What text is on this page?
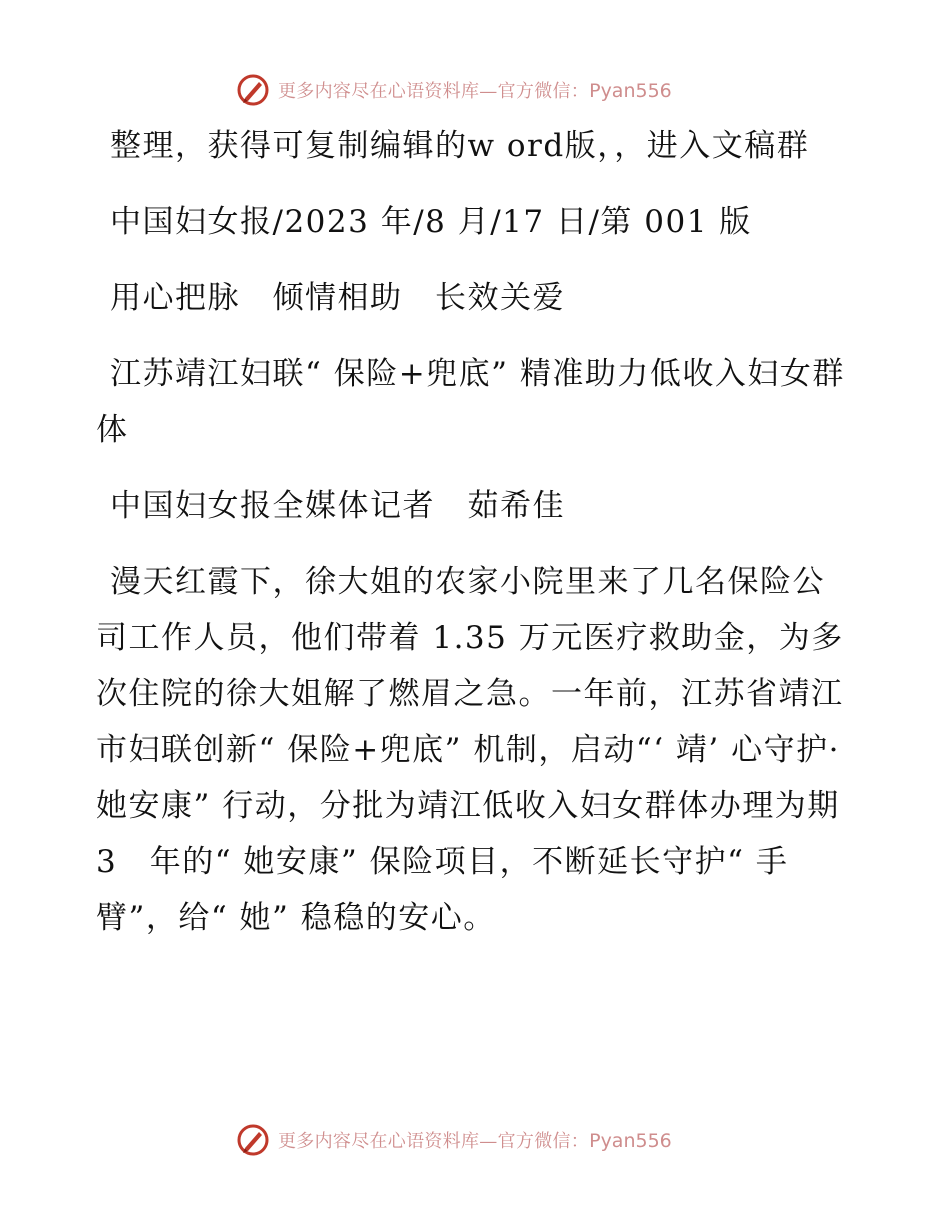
更多内容尽在心语资料库—官方微信：Pyan556

整理，获得可复制编辑的w ord版，，进入文稿群

中国妇女报/2023 年/8 月/17 日/第 001 版

用心把脉　倾情相助　长效关爱

江苏靖江妇联“ 保险+兜底” 精准助力低收入妇女群体

中国妇女报全媒体记者　茹希佳

漫天红霞下，徐大姐的农家小院里来了几名保险公司工作人员，他们带着 1.35 万元医疗救助金，为多次住院的徐大姐解了燃眉之急。一年前，江苏省靖江市妇联创新“ 保险+兜底” 机制，启动“‘ 靖’ 心守护· 她安康” 行动，分批为靖江低收入妇女群体办理为期 3　年的“ 她安康” 保险项目，不断延长守护“ 手臂”，给“ 她” 稳稳的安心。

更多内容尽在心语资料库—官方微信：Pyan556
